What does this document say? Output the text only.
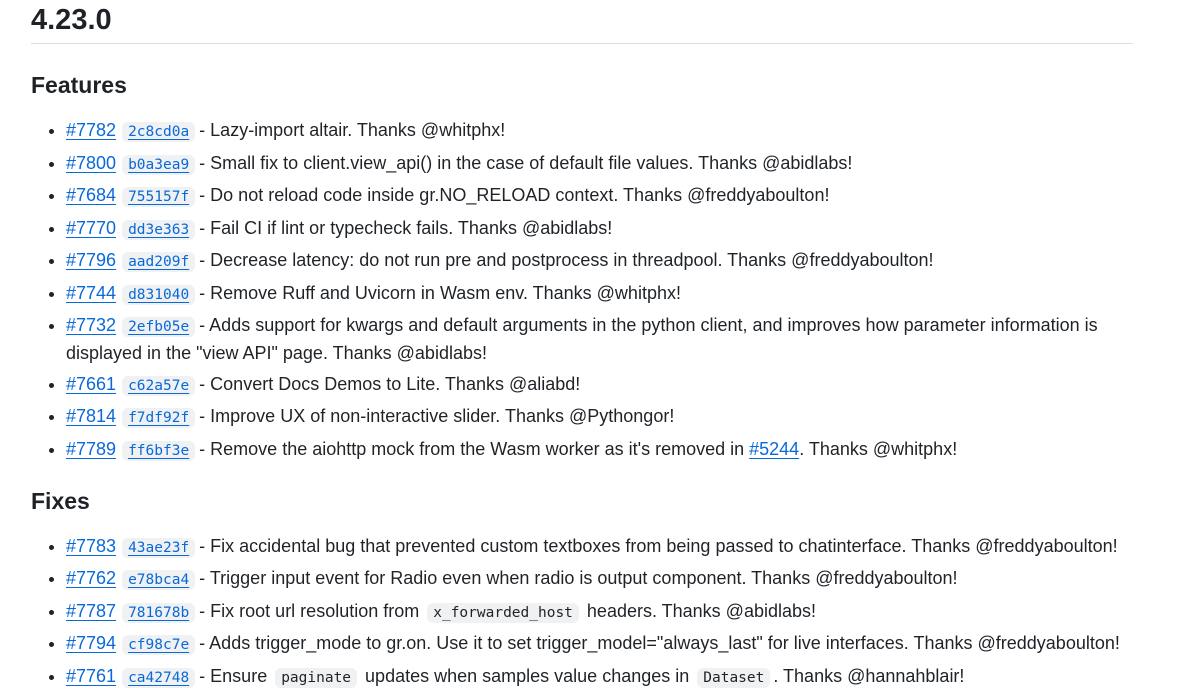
4.23.0
Features
• #7782 2c8cd0a - Lazy-import altair. Thanks @whitphx!
• #7800 b0a3ea9 - Small fix to client.view_api() in the case of default file values. Thanks @abidlabs!
• #7684 755157f - Do not reload code inside gr.NO_RELOAD context. Thanks @freddyaboulton!
• #7770 dd3e363 - Fail CI if lint or typecheck fails. Thanks @abidlabs!
• #7796 aad209f - Decrease latency: do not run pre and postprocess in threadpool. Thanks @freddyaboulton!
• #7744 d831040 - Remove Ruff and Uvicorn in Wasm env. Thanks @whitphx!
• #7732 2efb05e - Adds support for kwargs and default arguments in the python client, and improves how parameter information is displayed in the "view API" page. Thanks @abidlabs!
• #7661 c62a57e - Convert Docs Demos to Lite. Thanks @aliabd!
• #7814 f7df92f - Improve UX of non-interactive slider. Thanks @Pythongor!
• #7789 ff6bf3e - Remove the aiohttp mock from the Wasm worker as it's removed in #5244. Thanks @whitphx!
Fixes
• #7783 43ae23f - Fix accidental bug that prevented custom textboxes from being passed to chatinterface. Thanks @freddyaboulton!
• #7762 e78bca4 - Trigger input event for Radio even when radio is output component. Thanks @freddyaboulton!
• #7787 781678b - Fix root url resolution from x_forwarded_host headers. Thanks @abidlabs!
• #7794 cf98c7e - Adds trigger_mode to gr.on. Use it to set trigger_model="always_last" for live interfaces. Thanks @freddyaboulton!
• #7761 ca42748 - Ensure paginate updates when samples value changes in Dataset . Thanks @hannahblair!
